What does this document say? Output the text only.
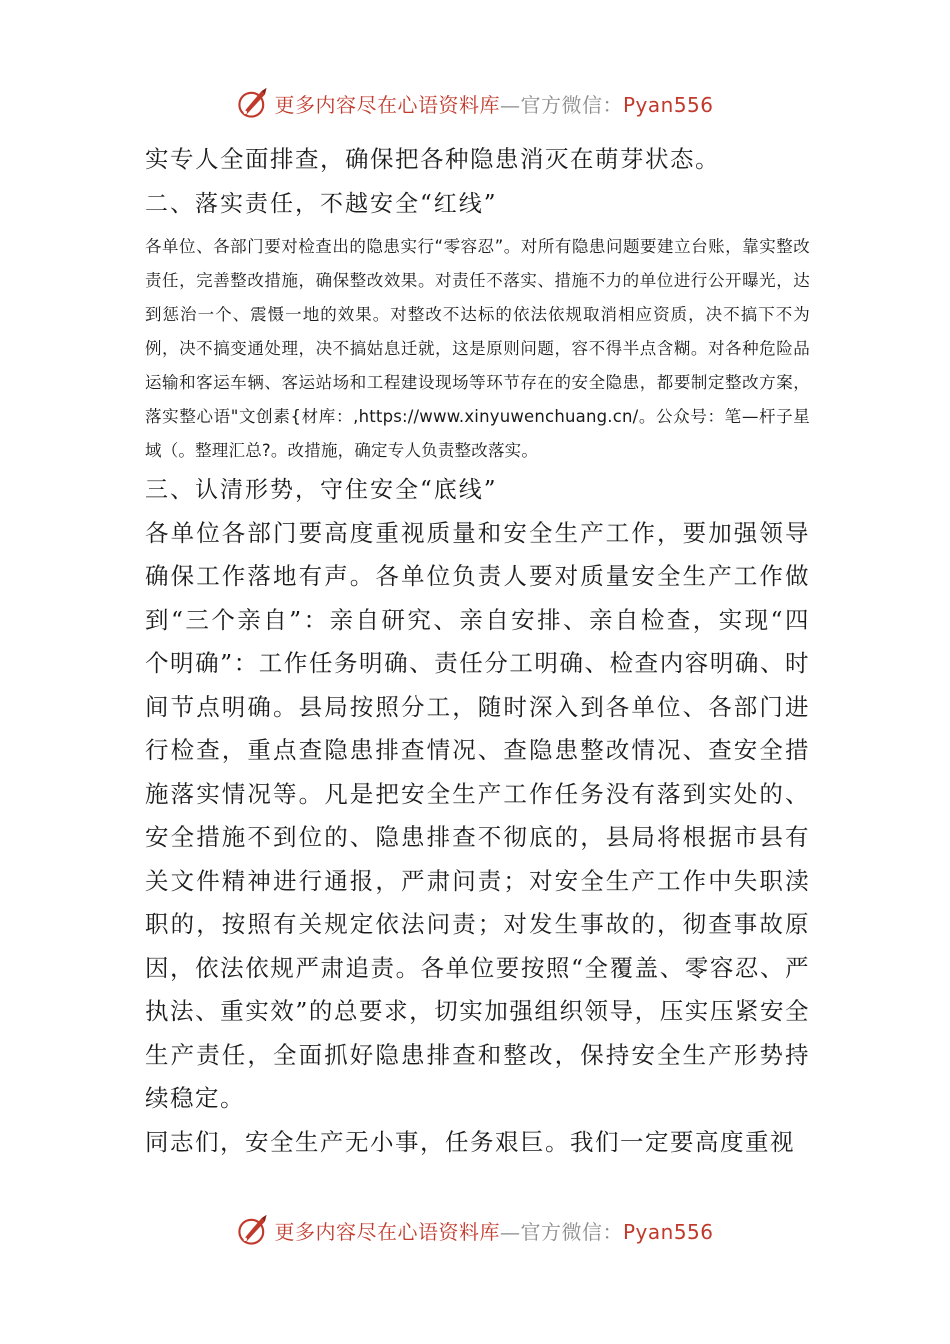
更多内容尽在心语资料库—官方微信：Pyan556

实专人全面排查，确保把各种隐患消灭在萌芽状态。

二、落实责任，不越安全“红线”

各单位、各部门要对检查出的隐患实行“零容忍”。对所有隐患问题要建立台账，靠实整改责任，完善整改措施，确保整改效果。对责任不落实、措施不力的单位进行公开曝光，达到惩治一个、震慑一地的效果。对整改不达标的依法依规取消相应资质，决不搞下不为例，决不搞变通处理，决不搞姑息迁就，这是原则问题，容不得半点含糊。对各种危险品运输和客运车辆、客运站场和工程建设现场等环节存在的安全隐患，都要制定整改方案，落实整心语"文创素{材库：,https://www.xinyuwenchuang.cn/。公众号：笔—杆子星域（。整理汇总?。改措施，确定专人负责整改落实。

三、认清形势，守住安全“底线”

各单位各部门要高度重视质量和安全生产工作，要加强领导确保工作落地有声。各单位负责人要对质量安全生产工作做到“三个亲自”：亲自研究、亲自安排、亲自检查，实现“四个明确”：工作任务明确、责任分工明确、检查内容明确、时间节点明确。县局按照分工，随时深入到各单位、各部门进行检查，重点查隐患排查情况、查隐患整改情况、查安全措施落实情况等。凡是把安全生产工作任务没有落到实处的、安全措施不到位的、隐患排查不彻底的，县局将根据市县有关文件精神进行通报，严肃问责；对安全生产工作中失职渎职的，按照有关规定依法问责；对发生事故的，彻查事故原因，依法依规严肃追责。各单位要按照“全覆盖、零容忍、严执法、重实效”的总要求，切实加强组织领导，压实压紧安全生产责任，全面抓好隐患排查和整改，保持安全生产形势持续稳定。

同志们，安全生产无小事，任务艰巨。我们一定要高度重视

更多内容尽在心语资料库—官方微信：Pyan556
